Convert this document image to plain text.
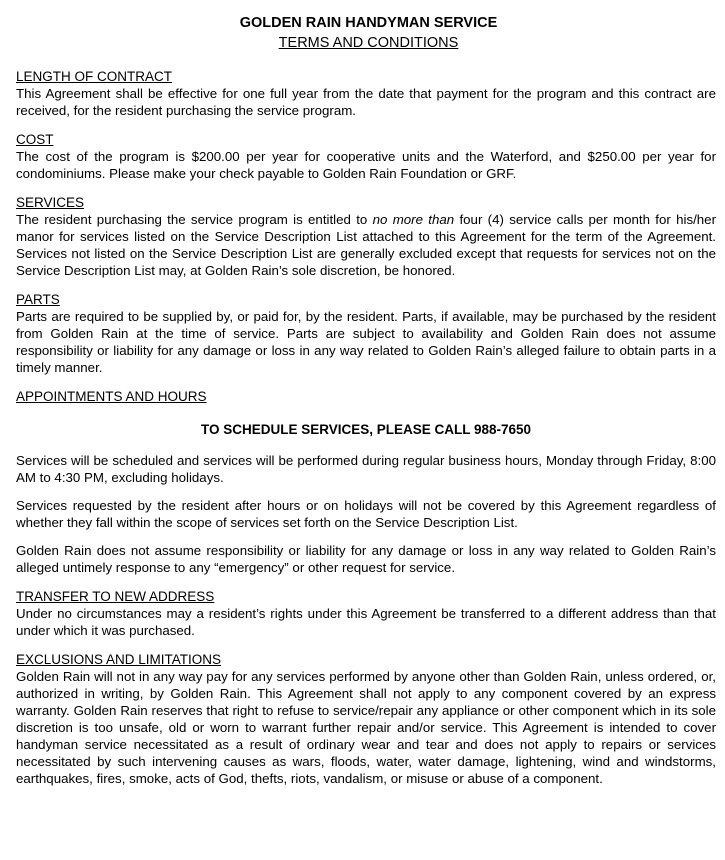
GOLDEN RAIN HANDYMAN SERVICE

TERMS AND CONDITIONS

LENGTH OF CONTRACT

This Agreement shall be effective for one full year from the date that payment for the program and this contract are received, for the resident purchasing the service program.

COST

The cost of the program is $200.00 per year for cooperative units and the Waterford, and $250.00 per year for condominiums. Please make your check payable to Golden Rain Foundation or GRF.

SERVICES

The resident purchasing the service program is entitled to no more than four (4) service calls per month for his/her manor for services listed on the Service Description List attached to this Agreement for the term of the Agreement. Services not listed on the Service Description List are generally excluded except that requests for services not on the Service Description List may, at Golden Rain’s sole discretion, be honored.

PARTS

Parts are required to be supplied by, or paid for, by the resident. Parts, if available, may be purchased by the resident from Golden Rain at the time of service. Parts are subject to availability and Golden Rain does not assume responsibility or liability for any damage or loss in any way related to Golden Rain’s alleged failure to obtain parts in a timely manner.

APPOINTMENTS AND HOURS

TO SCHEDULE SERVICES, PLEASE CALL 988-7650

Services will be scheduled and services will be performed during regular business hours, Monday through Friday, 8:00 AM to 4:30 PM, excluding holidays.

Services requested by the resident after hours or on holidays will not be covered by this Agreement regardless of whether they fall within the scope of services set forth on the Service Description List.

Golden Rain does not assume responsibility or liability for any damage or loss in any way related to Golden Rain’s alleged untimely response to any “emergency” or other request for service.

TRANSFER TO NEW ADDRESS

Under no circumstances may a resident’s rights under this Agreement be transferred to a different address than that under which it was purchased.

EXCLUSIONS AND LIMITATIONS

Golden Rain will not in any way pay for any services performed by anyone other than Golden Rain, unless ordered, or, authorized in writing, by Golden Rain. This Agreement shall not apply to any component covered by an express warranty. Golden Rain reserves that right to refuse to service/repair any appliance or other component which in its sole discretion is too unsafe, old or worn to warrant further repair and/or service. This Agreement is intended to cover handyman service necessitated as a result of ordinary wear and tear and does not apply to repairs or services necessitated by such intervening causes as wars, floods, water, water damage, lightening, wind and windstorms, earthquakes, fires, smoke, acts of God, thefts, riots, vandalism, or misuse or abuse of a component.
